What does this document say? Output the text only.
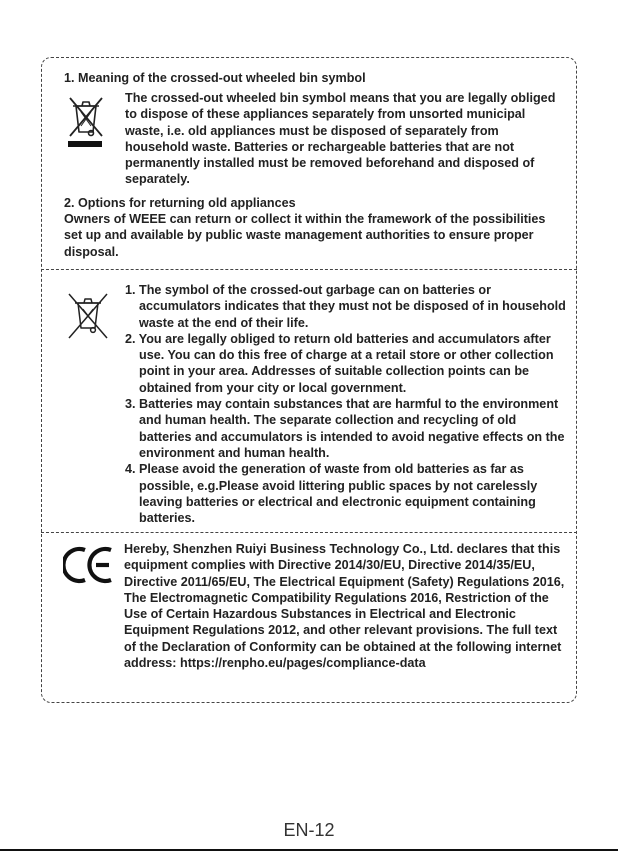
1. Meaning of the crossed-out wheeled bin symbol

The crossed-out wheeled bin symbol means that you are legally obliged to dispose of these appliances separately from unsorted municipal waste, i.e. old appliances must be disposed of separately from household waste. Batteries or rechargeable batteries that are not permanently installed must be removed beforehand and disposed of separately.

2. Options for returning old appliances

Owners of WEEE can return or collect it within the framework of the possibilities set up and available by public waste management authorities to ensure proper disposal.

1. The symbol of the crossed-out garbage can on batteries or accumulators indicates that they must not be disposed of in household waste at the end of their life.
2. You are legally obliged to return old batteries and accumulators after use. You can do this free of charge at a retail store or other collection point in your area. Addresses of suitable collection points can be obtained from your city or local government.
3. Batteries may contain substances that are harmful to the environment and human health. The separate collection and recycling of old batteries and accumulators is intended to avoid negative effects on the environment and human health.
4. Please avoid the generation of waste from old batteries as far as possible, e.g.Please avoid littering public spaces by not carelessly leaving batteries or electrical and electronic equipment containing batteries.

Hereby, Shenzhen Ruiyi Business Technology Co., Ltd. declares that this equipment complies with Directive 2014/30/EU, Directive 2014/35/EU, Directive 2011/65/EU, The Electrical Equipment (Safety) Regulations 2016, The Electromagnetic Compatibility Regulations 2016, Restriction of the Use of Certain Hazardous Substances in Electrical and Electronic Equipment Regulations 2012, and other relevant provisions. The full text of the Declaration of Conformity can be obtained at the following internet address: https://renpho.eu/pages/compliance-data

EN-12
